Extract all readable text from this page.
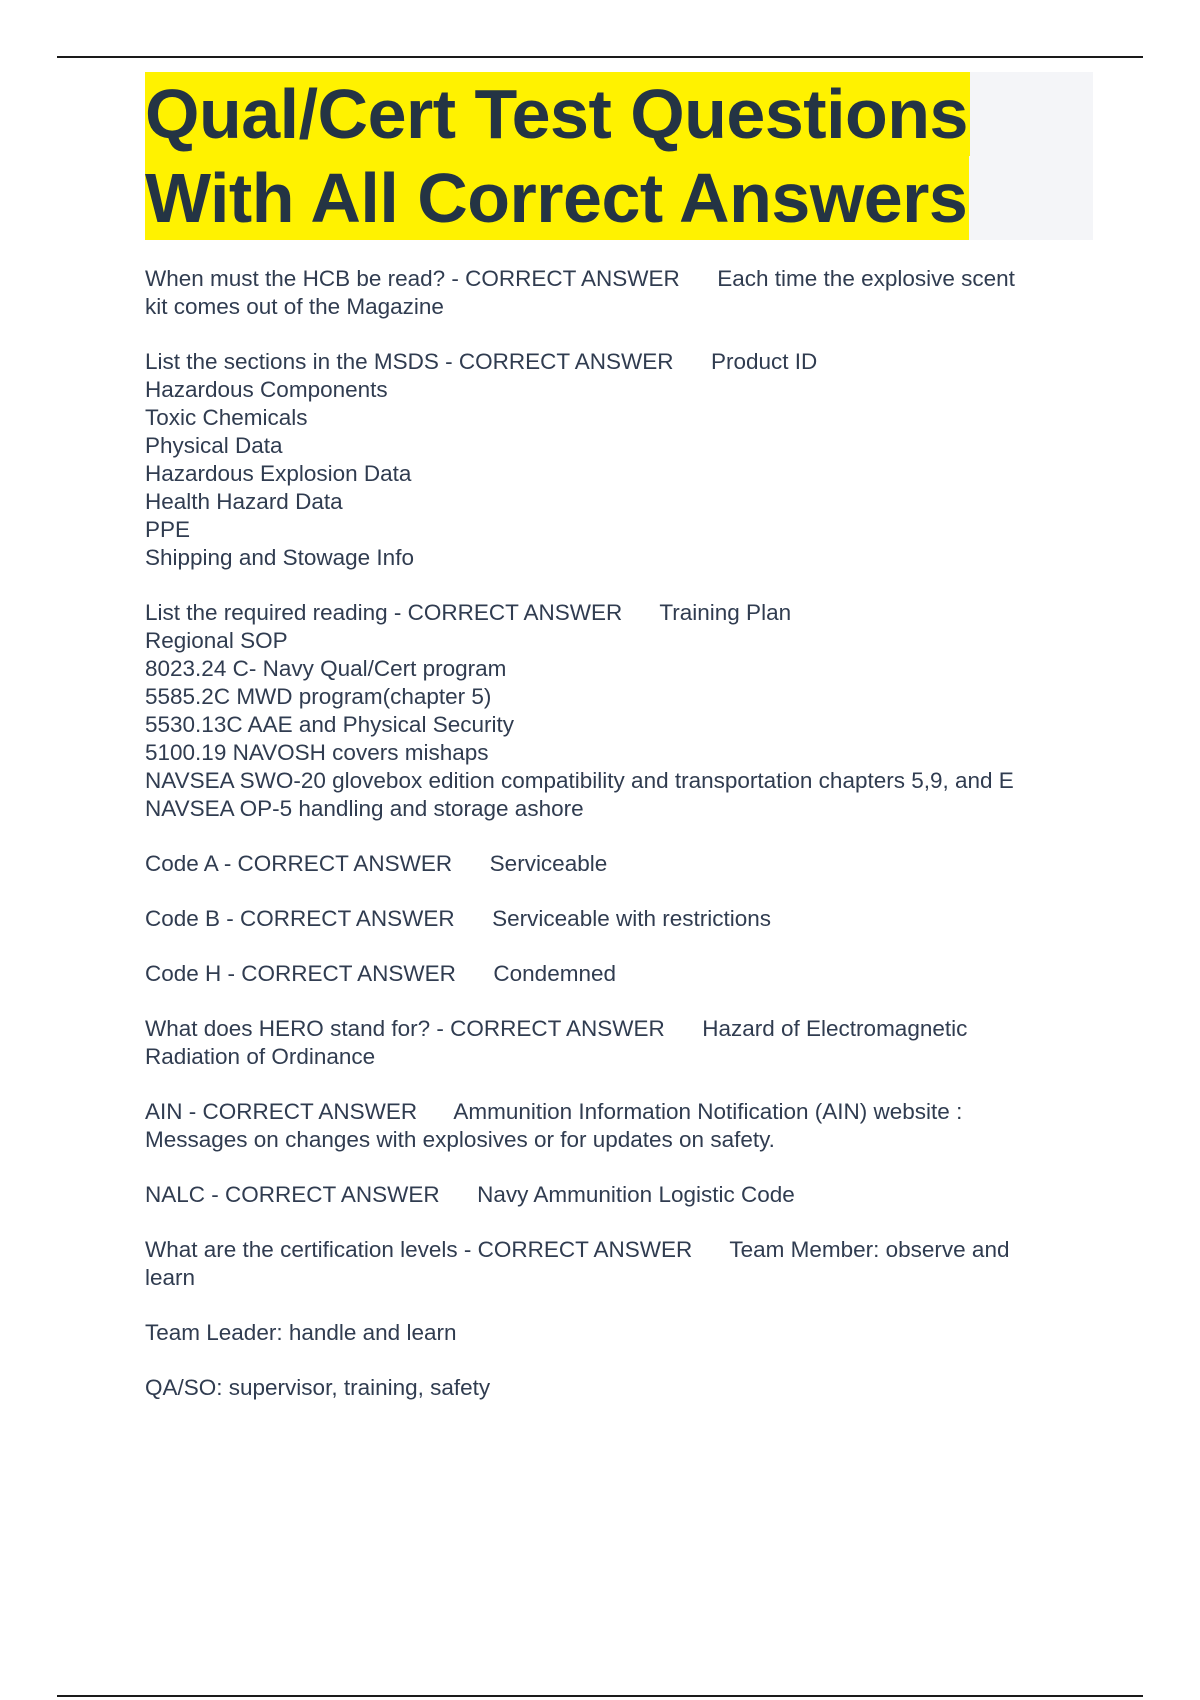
Qual/Cert Test Questions
With All Correct Answers
When must the HCB be read? - CORRECT ANSWER      Each time the explosive scent
kit comes out of the Magazine
List the sections in the MSDS - CORRECT ANSWER      Product ID
Hazardous Components
Toxic Chemicals
Physical Data
Hazardous Explosion Data
Health Hazard Data
PPE
Shipping and Stowage Info
List the required reading - CORRECT ANSWER      Training Plan
Regional SOP
8023.24 C- Navy Qual/Cert program
5585.2C MWD program(chapter 5)
5530.13C AAE and Physical Security
5100.19 NAVOSH covers mishaps
NAVSEA SWO-20 glovebox edition compatibility and transportation chapters 5,9, and E
NAVSEA OP-5 handling and storage ashore
Code A - CORRECT ANSWER      Serviceable
Code B - CORRECT ANSWER      Serviceable with restrictions
Code H - CORRECT ANSWER      Condemned
What does HERO stand for? - CORRECT ANSWER      Hazard of Electromagnetic
Radiation of Ordinance
AIN - CORRECT ANSWER      Ammunition Information Notification (AIN) website :
Messages on changes with explosives or for updates on safety.
NALC - CORRECT ANSWER      Navy Ammunition Logistic Code
What are the certification levels - CORRECT ANSWER      Team Member: observe and
learn
Team Leader: handle and learn
QA/SO: supervisor, training, safety
